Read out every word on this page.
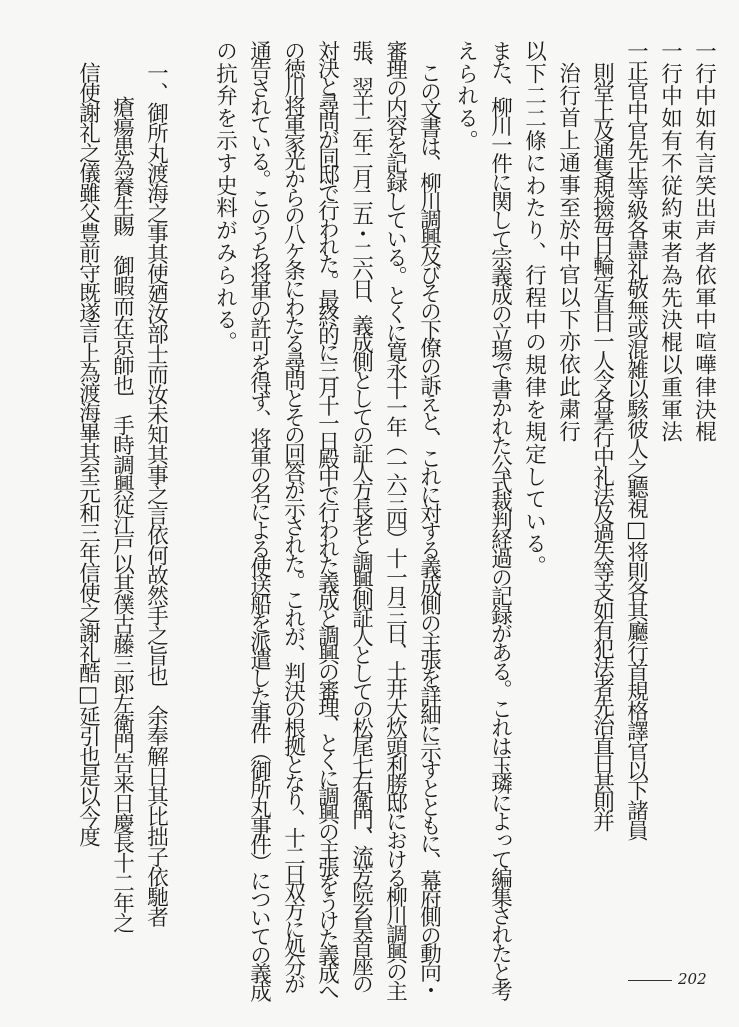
一行中如有言笑出声者依軍中喧嘩律決棍
一行中如有不従約束者為先決棍以重軍法
一正官中官先正等級各盡礼敬無或混雑以駭彼人之聽視□将則各其廳行首規格譯官以下諸員
則堂上及通隻規撿毎日輪定直日一人令各掌行中礼法及過失等支如有犯法者先治直日甚則并
治行首上通事至於中官以下亦依此粛行
以下二二條にわたり、行程中の規律を規定している。
また、柳川一件に関して宗義成の立場で書かれた公式裁判経過の記録がある。これは玉璘によって編集されたと考
えられる。
この文書は、柳川調興及びその下僚の訴えと、これに対する義成側の主張を詳細に示すとともに、幕府側の動向・
審理の内容を記録している。とくに寛永十一年（一六三四）十一月三日、土井大炊頭利勝邸における柳川調興の主
張、翌十二年二月二五・二六日、義成側としての証人方長老と調興側証人としての松尾七右衛門、流芳院玄昊首座の
対決と尋問が同邸で行われた。最終的に三月十一日殿中で行われた義成と調興の審理、とくに調興の主張をうけた義成へ
の徳川将軍家光からの八ケ条にわたる尋問とその回答が示された。これが、判決の根拠となり、十二日双方に処分が
通告されている。このうち将軍の許可を得ず、将軍の名による使送船を派遣した事件（御所丸事件）についての義成
の抗弁を示す史料がみられる。
一、御所丸渡海之事其使廼汝部士而汝未知其事之言依何故然手之旨也　余奉解日其比拙子依馳者
瘡瘍患為養生賜　御暇而在京師也　手時調興従江戸以其僕古藤三郎左衛門告来日慶長十二年之
信使謝礼之儀雖父豊前守既遂言上為渡海畢其至元和三年信使之謝礼酷□延引也是以今度
202
